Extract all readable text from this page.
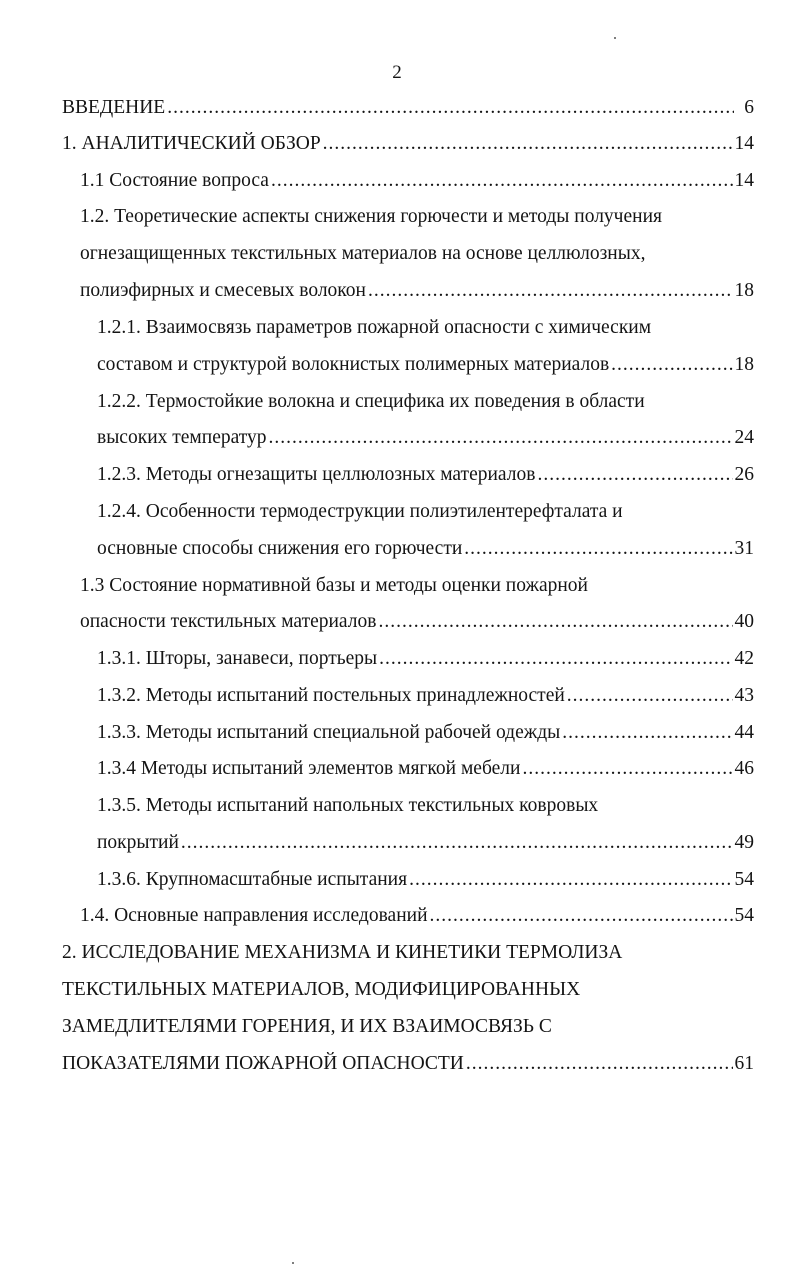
2
ВВЕДЕНИЕ .....	6
1. АНАЛИТИЧЕСКИЙ ОБЗОР .....	14
1.1 Состояние вопроса .....	14
1.2. Теоретические аспекты снижения горючести и методы получения
огнезащищенных текстильных материалов на основе целлюлозных,
полиэфирных и смесевых волокон .....	18
1.2.1. Взаимосвязь параметров пожарной опасности с химическим
составом и структурой волокнистых полимерных материалов .....	18
1.2.2. Термостойкие волокна и специфика их поведения в области
высоких температур .....	24
1.2.3. Методы огнезащиты целлюлозных материалов .....	26
1.2.4. Особенности термодеструкции полиэтилентерефталата и
основные способы снижения его горючести .....	31
1.3 Состояние нормативной базы и методы оценки пожарной
опасности текстильных материалов .....	40
1.3.1. Шторы, занавеси, портьеры .....	42
1.3.2. Методы испытаний постельных принадлежностей .....	43
1.3.3. Методы испытаний специальной рабочей одежды .....	44
1.3.4 Методы испытаний элементов мягкой мебели .....	46
1.3.5. Методы испытаний напольных текстильных ковровых
покрытий .....	49
1.3.6. Крупномасштабные испытания .....	54
1.4. Основные направления исследований .....	54
2. ИССЛЕДОВАНИЕ МЕХАНИЗМА И КИНЕТИКИ ТЕРМОЛИЗА
ТЕКСТИЛЬНЫХ МАТЕРИАЛОВ, МОДИФИЦИРОВАННЫХ
ЗАМЕДЛИТЕЛЯМИ ГОРЕНИЯ, И ИХ ВЗАИМОСВЯЗЬ С
ПОКАЗАТЕЛЯМИ ПОЖАРНОЙ ОПАСНОСТИ .....	61
